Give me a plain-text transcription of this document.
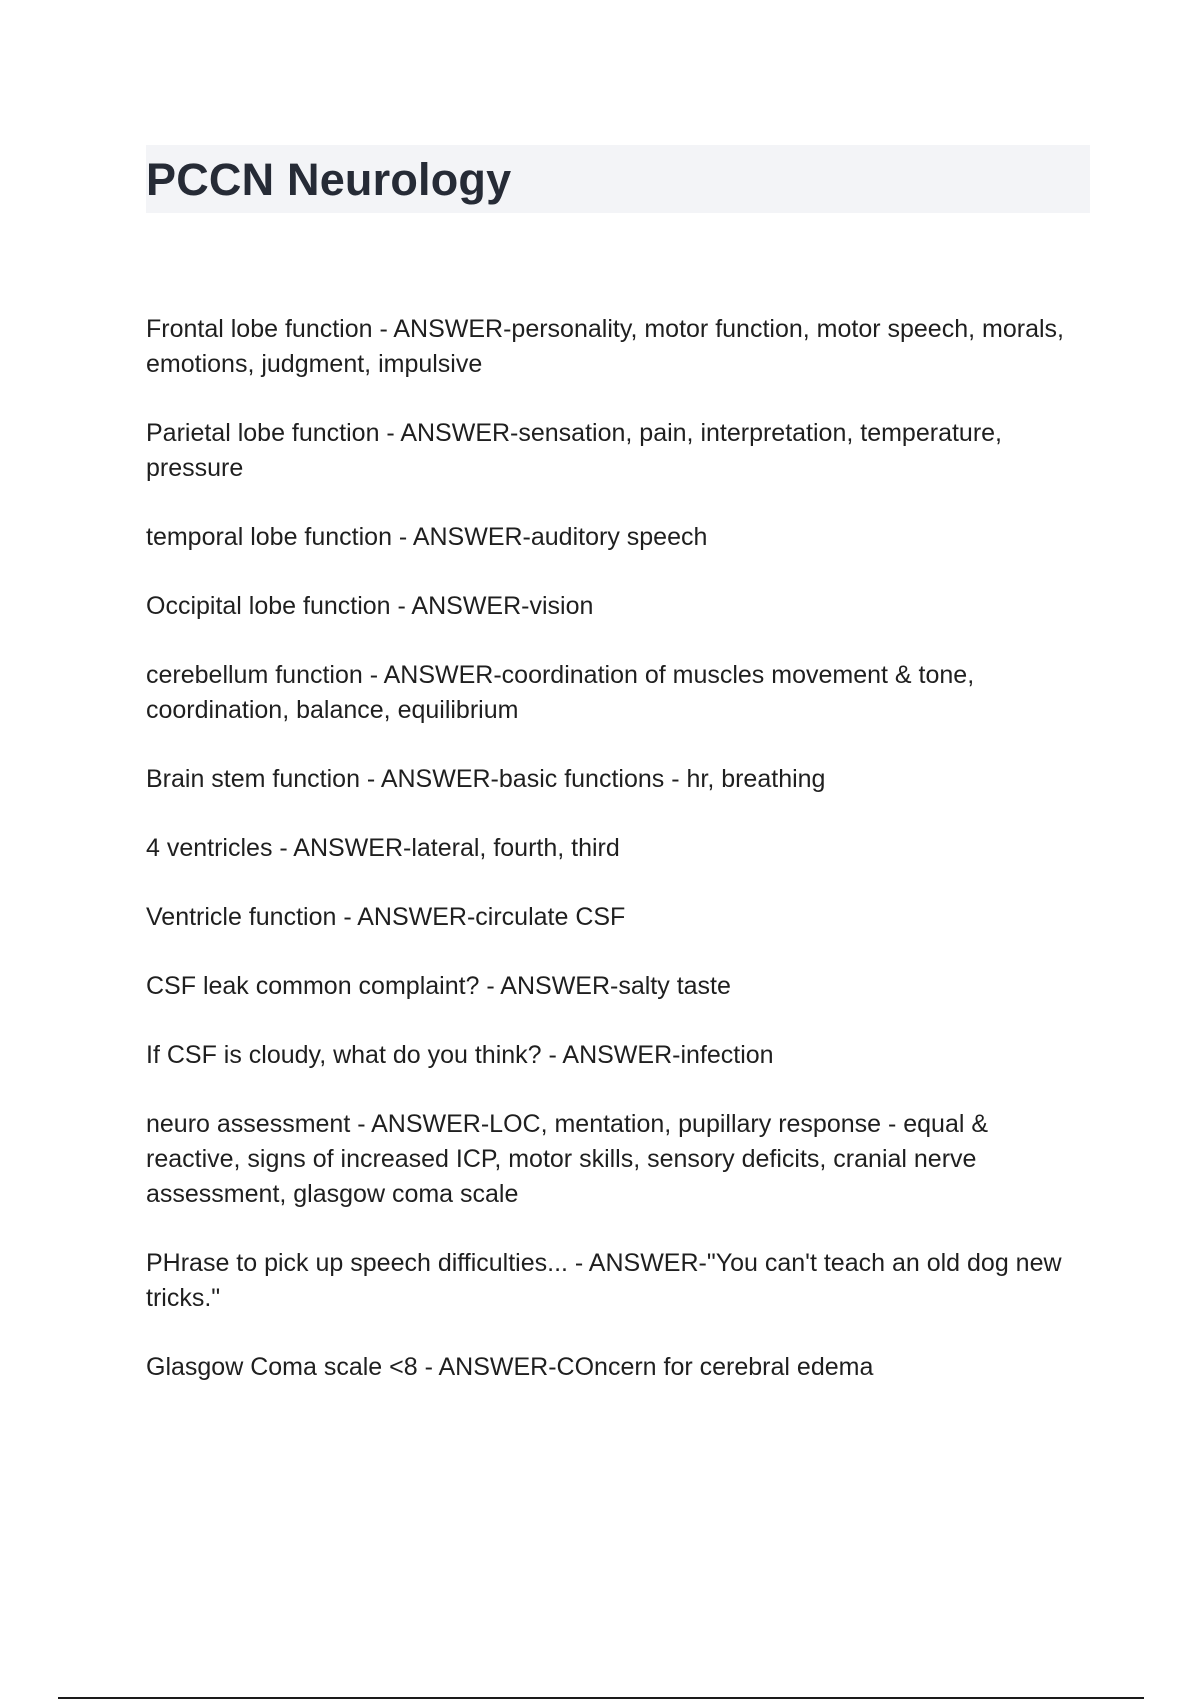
PCCN Neurology
Frontal lobe function - ANSWER-personality, motor function, motor speech, morals, emotions, judgment, impulsive
Parietal lobe function - ANSWER-sensation, pain, interpretation, temperature, pressure
temporal lobe function - ANSWER-auditory speech
Occipital lobe function - ANSWER-vision
cerebellum function - ANSWER-coordination of muscles movement & tone, coordination, balance, equilibrium
Brain stem function - ANSWER-basic functions - hr, breathing
4 ventricles - ANSWER-lateral, fourth, third
Ventricle function - ANSWER-circulate CSF
CSF leak common complaint? - ANSWER-salty taste
If CSF is cloudy, what do you think? - ANSWER-infection
neuro assessment - ANSWER-LOC, mentation, pupillary response - equal & reactive, signs of increased ICP, motor skills, sensory deficits, cranial nerve assessment, glasgow coma scale
PHrase to pick up speech difficulties... - ANSWER-"You can't teach an old dog new tricks."
Glasgow Coma scale <8 - ANSWER-COncern for cerebral edema
